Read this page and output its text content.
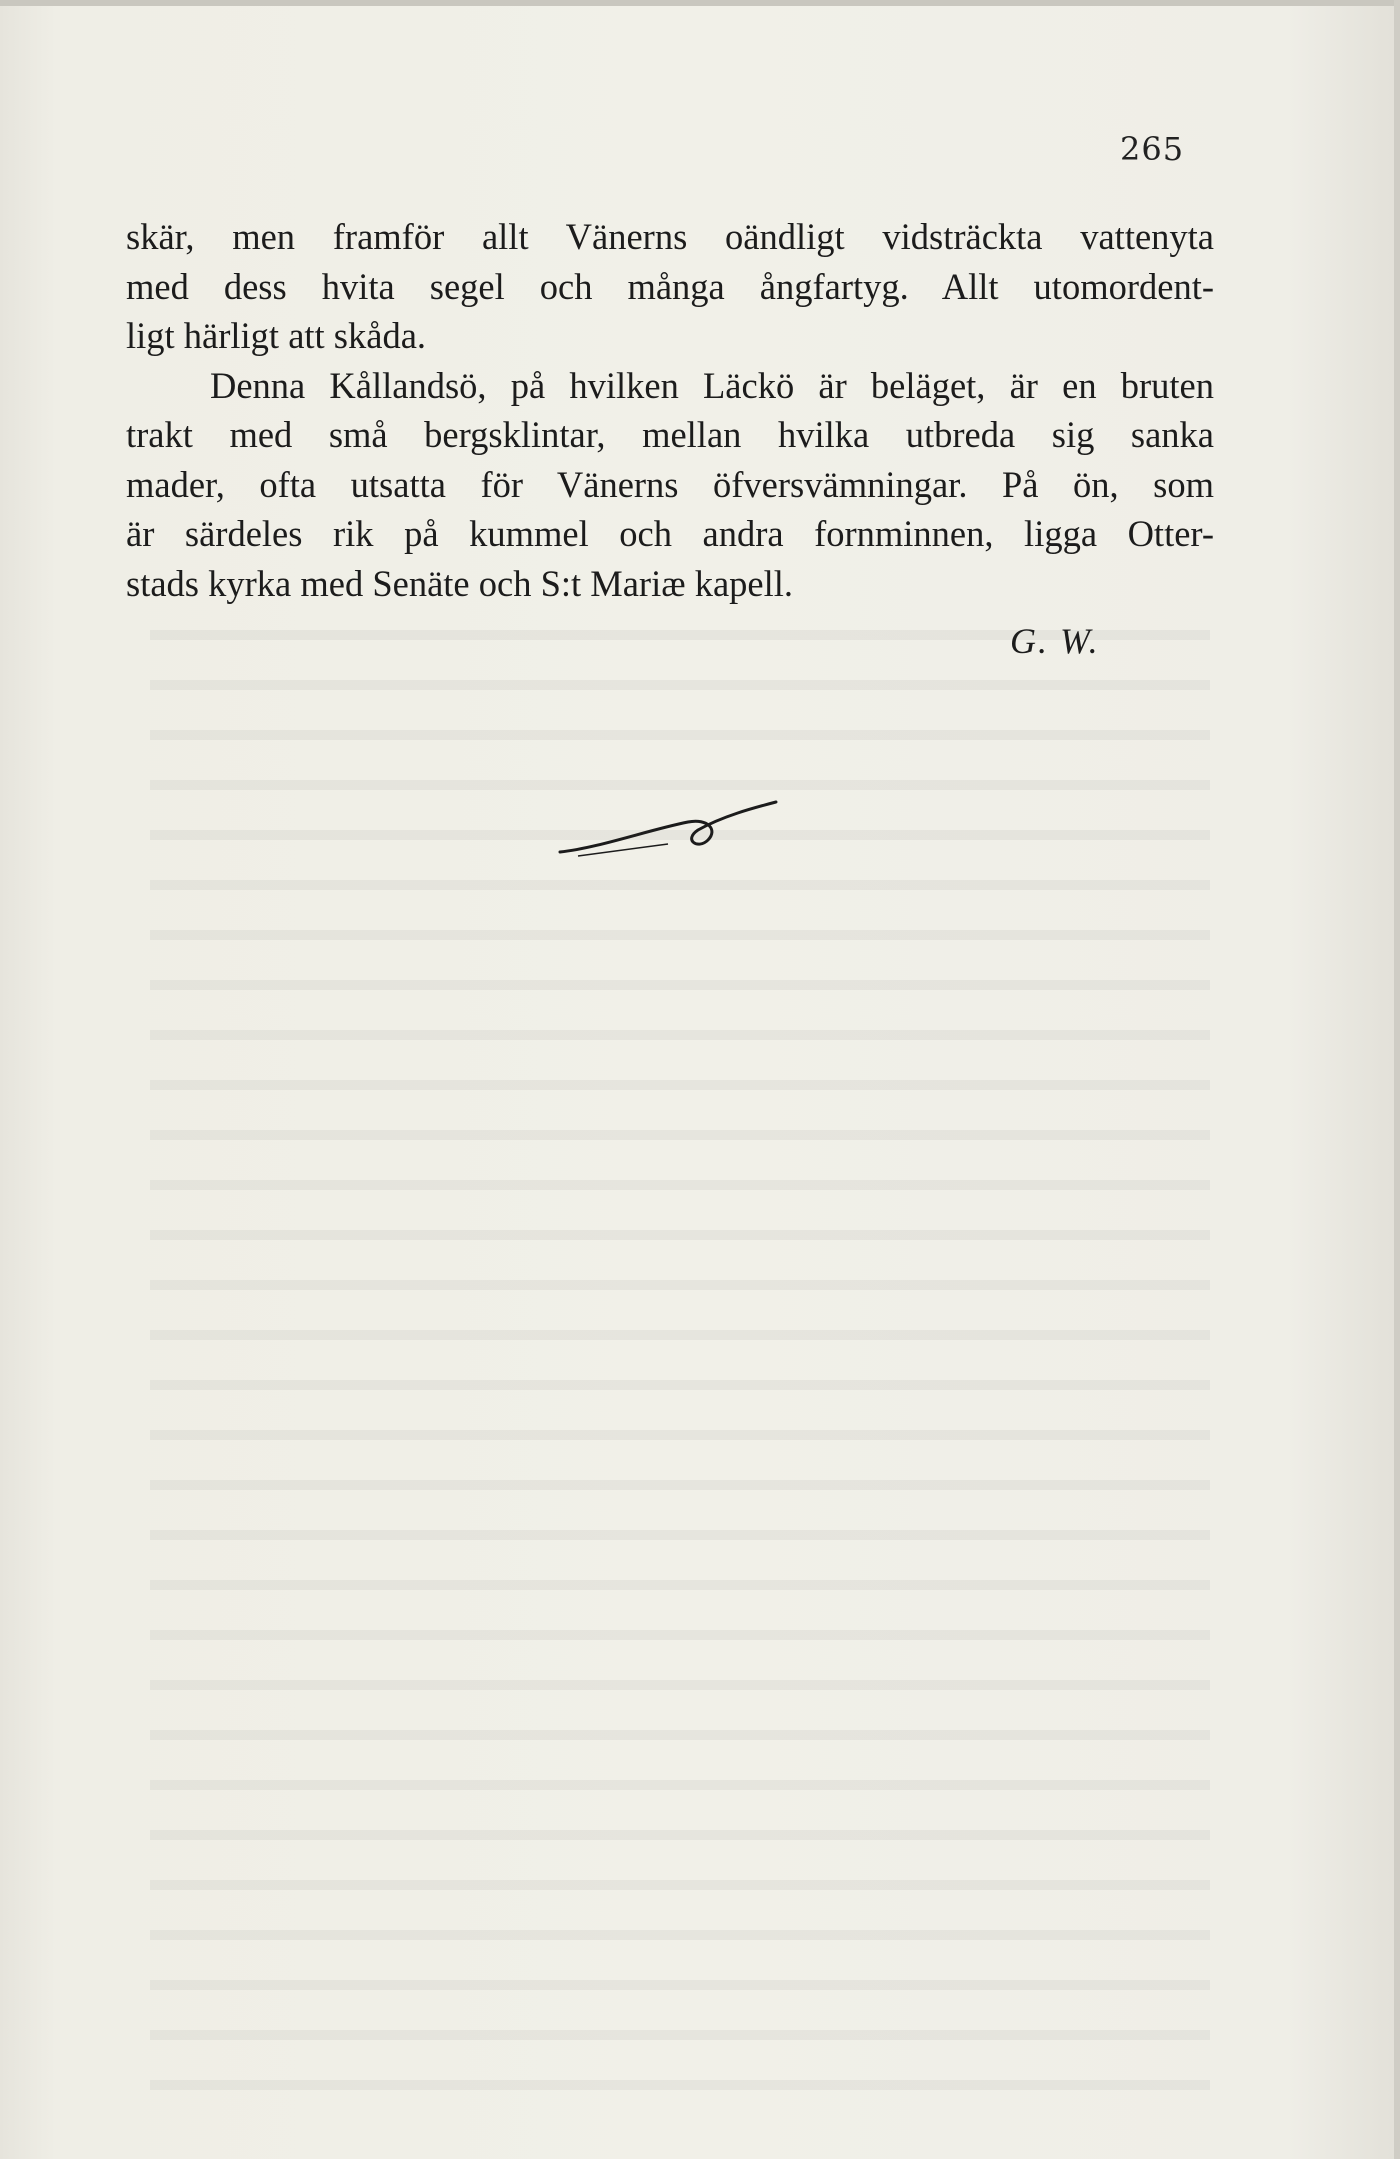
265

skär, men framför allt Vänerns oändligt vidsträckta vattenyta
med dess hvita segel och många ångfartyg. Allt utomordent-
ligt härligt att skåda.

Denna Kållandsö, på hvilken Läckö är beläget, är en bruten
trakt med små bergsklintar, mellan hvilka utbreda sig sanka
mader, ofta utsatta för Vänerns öfversvämningar. På ön, som
är särdeles rik på kummel och andra fornminnen, ligga Otter-
stads kyrka med Senäte och S:t Mariæ kapell.

G. W.
